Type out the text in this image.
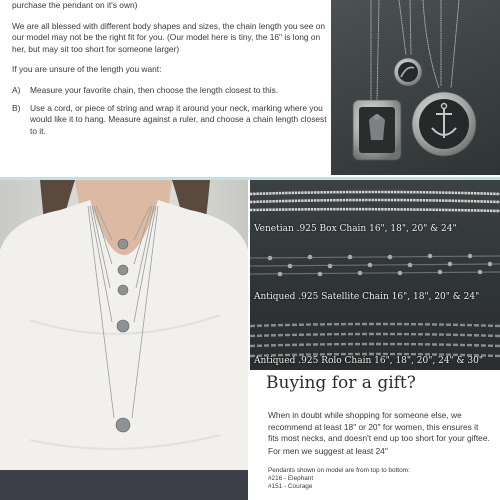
purchase the pendant on it's own)

We are all blessed with different body shapes and sizes, the chain length you see on our model may not be the right fit for you. (Our model here is tiny, the 16" is long on her, but may sit too short for someone larger)

If you are unsure of the length you want:

A) Measure your favorite chain, then choose the length closest to this.
B) Use a cord, or piece of string and wrap it around your neck, marking where you would like it to hang. Measure against a ruler, and choose a chain length closest to it.
Venetian .925 Box Chain 16", 18", 20" & 24"
Antiqued .925 Satellite Chain 16", 18", 20" & 24"
Antiqued .925 Rolo Chain 16", 18", 20", 24" & 30"
Buying for a gift?

When in doubt while shopping for someone else, we recommend at least 18" or 20" for women, this ensures it fits most necks, and doesn't end up too short for your giftee.

For men we suggest at least 24"

Pendants shown on model are from top to bottom:
#216 - Elephant
#151 - Courage
